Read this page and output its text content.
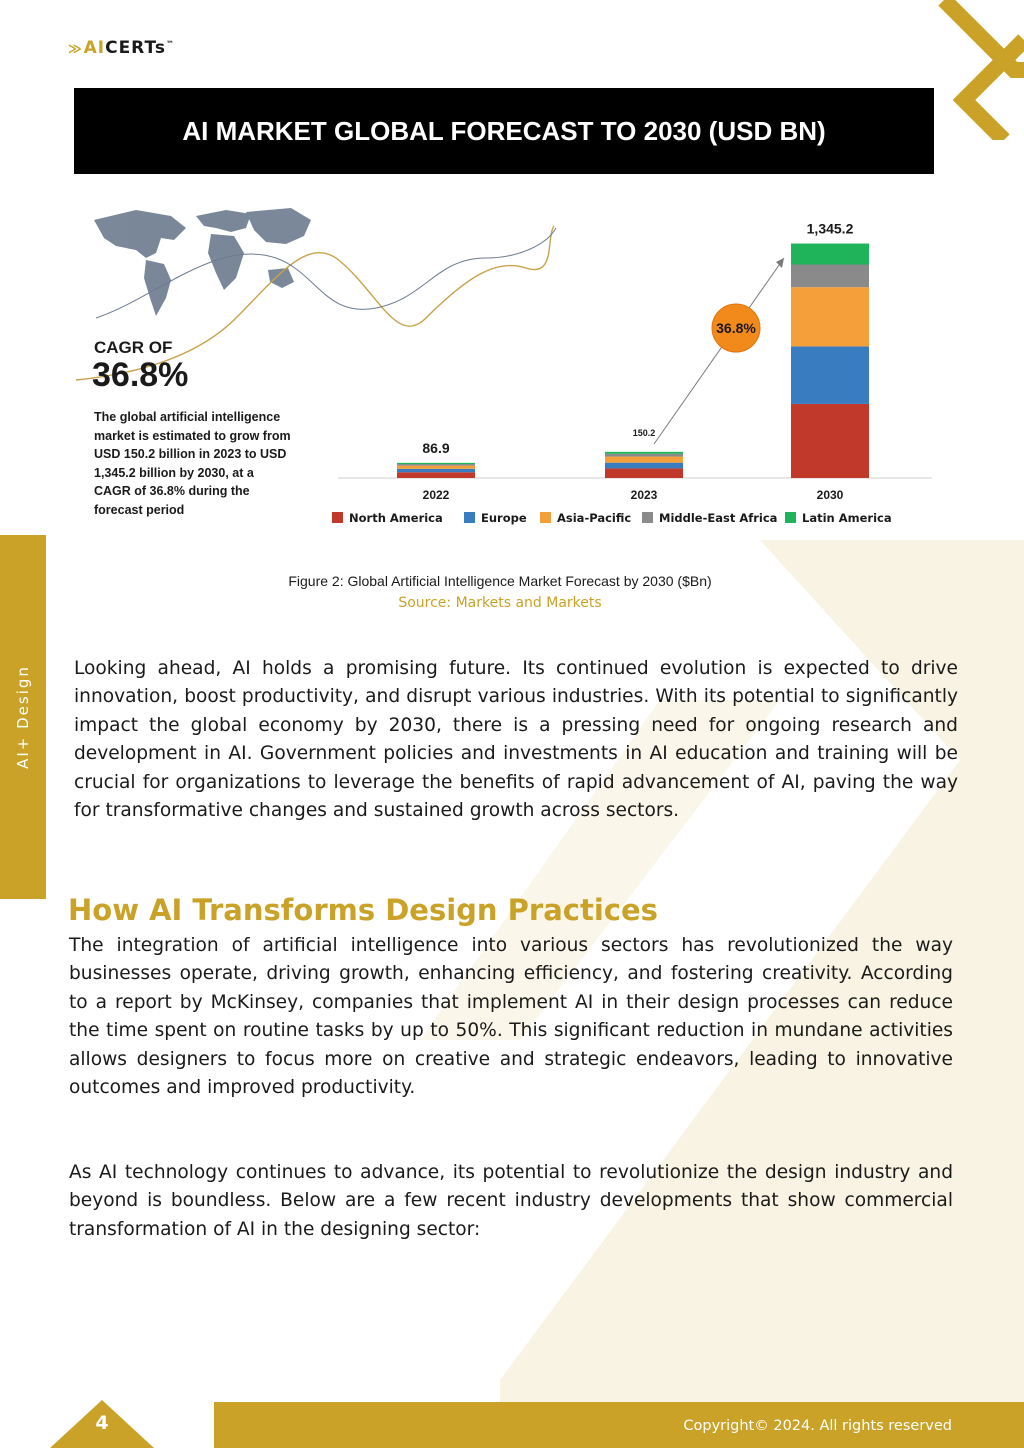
≫AICERTs™
AI MARKET GLOBAL FORECAST TO 2030 (USD BN)
AI+ Design
86.9
2022
150.2
2023
1,345.2
2030
36.8%
North America	Europe	Asia-Pacific Middle-East Africa Latin America
CAGR OF
36.8%
The global artificial intelligence market is estimated to grow from USD 150.2 billion in 2023 to USD 1,345.2 billion by 2030, at a CAGR of 36.8% during the forecast period
Figure 2: Global Artificial Intelligence Market Forecast by 2030 ($Bn)
Source: Markets and Markets

Looking ahead, AI holds a promising future. Its continued evolution is expected to drive innovation, boost productivity, and disrupt various industries. With its potential to significantly impact the global economy by 2030, there is a pressing need for ongoing research and development in AI. Government policies and investments in AI education and training will be crucial for organizations to leverage the benefits of rapid advancement of AI, paving the way for transformative changes and sustained growth across sectors.

How AI Transforms Design Practices

The integration of artificial intelligence into various sectors has revolutionized the way businesses operate, driving growth, enhancing efficiency, and fostering creativity. According to a report by McKinsey, companies that implement AI in their design processes can reduce the time spent on routine tasks by up to 50%. This significant reduction in mundane activities allows designers to focus more on creative and strategic endeavors, leading to innovative outcomes and improved productivity.

As AI technology continues to advance, its potential to revolutionize the design industry and beyond is boundless. Below are a few recent industry developments that show commercial transformation of AI in the designing sector:

4	Copyright© 2024. All rights reserved
